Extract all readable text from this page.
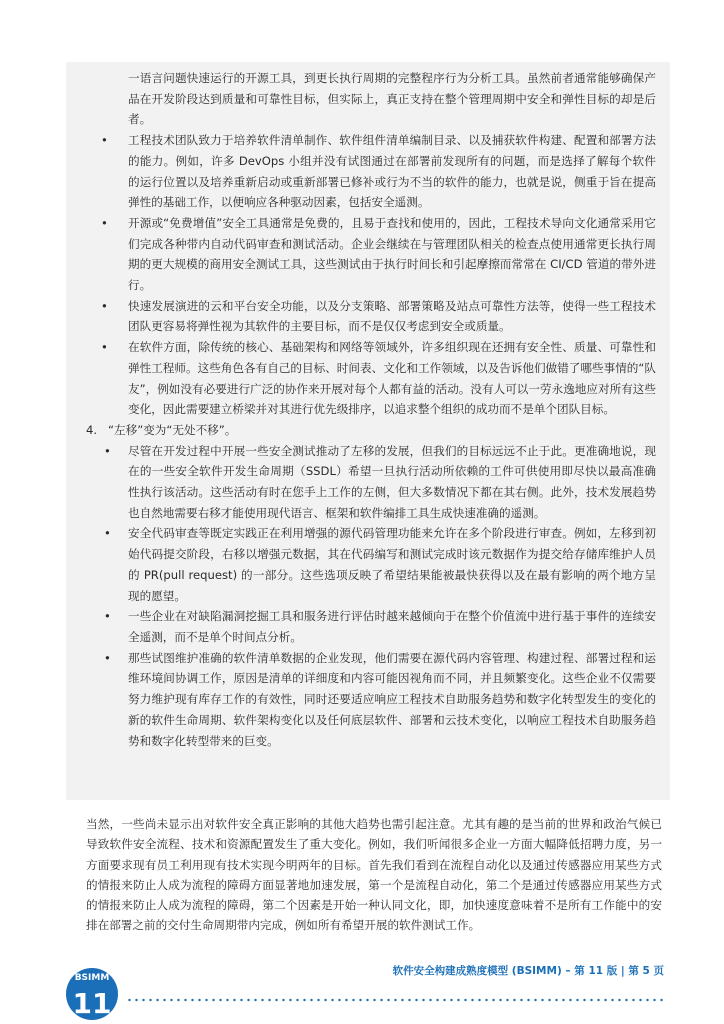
一语言问题快速运行的开源工具，到更长执行周期的完整程序行为分析工具。虽然前者通常能够确保产品在开发阶段达到质量和可靠性目标，但实际上，真正支持在整个管理周期中安全和弹性目标的却是后者。

• 工程技术团队致力于培养软件清单制作、软件组件清单编制目录、以及捕获软件构建、配置和部署方法的能力。例如，许多 DevOps 小组并没有试图通过在部署前发现所有的问题，而是选择了解每个软件的运行位置以及培养重新启动或重新部署已修补或行为不当的软件的能力，也就是说，侧重于旨在提高弹性的基础工作，以便响应各种驱动因素，包括安全遥测。

• 开源或“免费增值”安全工具通常是免费的，且易于查找和使用的，因此，工程技术导向文化通常采用它们完成各种带内自动代码审查和测试活动。企业会继续在与管理团队相关的检查点使用通常更长执行周期的更大规模的商用安全测试工具，这些测试由于执行时间长和引起摩擦而常常在 CI/CD 管道的带外进行。

• 快速发展演进的云和平台安全功能，以及分支策略、部署策略及站点可靠性方法等，使得一些工程技术团队更容易将弹性视为其软件的主要目标，而不是仅仅考虑到安全或质量。

• 在软件方面，除传统的核心、基础架构和网络等领域外，许多组织现在还拥有安全性、质量、可靠性和弹性工程师。这些角色各有自己的目标、时间表、文化和工作领域，以及告诉他们做错了哪些事情的“队友”，例如没有必要进行广泛的协作来开展对每个人都有益的活动。没有人可以一劳永逸地应对所有这些变化，因此需要建立桥梁并对其进行优先级排序，以追求整个组织的成功而不是单个团队目标。

4. “左移”变为“无处不移”。

• 尽管在开发过程中开展一些安全测试推动了左移的发展，但我们的目标远远不止于此。更准确地说，现在的一些安全软件开发生命周期（SSDL）希望一旦执行活动所依赖的工件可供使用即尽快以最高准确性执行该活动。这些活动有时在您手上工作的左侧，但大多数情况下都在其右侧。此外，技术发展趋势也自然地需要右移才能使用现代语言、框架和软件编排工具生成快速准确的遥测。

• 安全代码审查等既定实践正在利用增强的源代码管理功能来允许在多个阶段进行审查。例如，左移到初始代码提交阶段，右移以增强元数据，其在代码编写和测试完成时该元数据作为提交给存储库维护人员的 PR(pull request) 的一部分。这些选项反映了希望结果能被最快获得以及在最有影响的两个地方呈现的愿望。

• 一些企业在对缺陷漏洞挖掘工具和服务进行评估时越来越倾向于在整个价值流中进行基于事件的连续安全遥测，而不是单个时间点分析。

• 那些试图维护准确的软件清单数据的企业发现，他们需要在源代码内容管理、构建过程、部署过程和运维环境间协调工作，原因是清单的详细度和内容可能因视角而不同，并且频繁变化。这些企业不仅需要努力维护现有库存工作的有效性，同时还要适应响应工程技术自助服务趋势和数字化转型发生的变化的新的软件生命周期、软件架构变化以及任何底层软件、部署和云技术变化，以响应工程技术自助服务趋势和数字化转型带来的巨变。

当然，一些尚未显示出对软件安全真正影响的其他大趋势也需引起注意。尤其有趣的是当前的世界和政治气候已导致软件安全流程、技术和资源配置发生了重大变化。例如，我们听闻很多企业一方面大幅降低招聘力度，另一方面要求现有员工利用现有技术实现今明两年的目标。首先我们看到在流程自动化以及通过传感器应用某些方式的情报来防止人成为流程的障碍方面显著地加速发展，第一个是流程自动化，第二个是通过传感器应用某些方式的情报来防止人成为流程的障碍，第二个因素是开始一种认同文化，即，加快速度意味着不是所有工作能中的安排在部署之前的交付生命周期带内完成，例如所有希望开展的软件测试工作。

BSIMM
11
软件安全构建成熟度模型 (BSIMM) – 第 11 版 | 第 5 页
